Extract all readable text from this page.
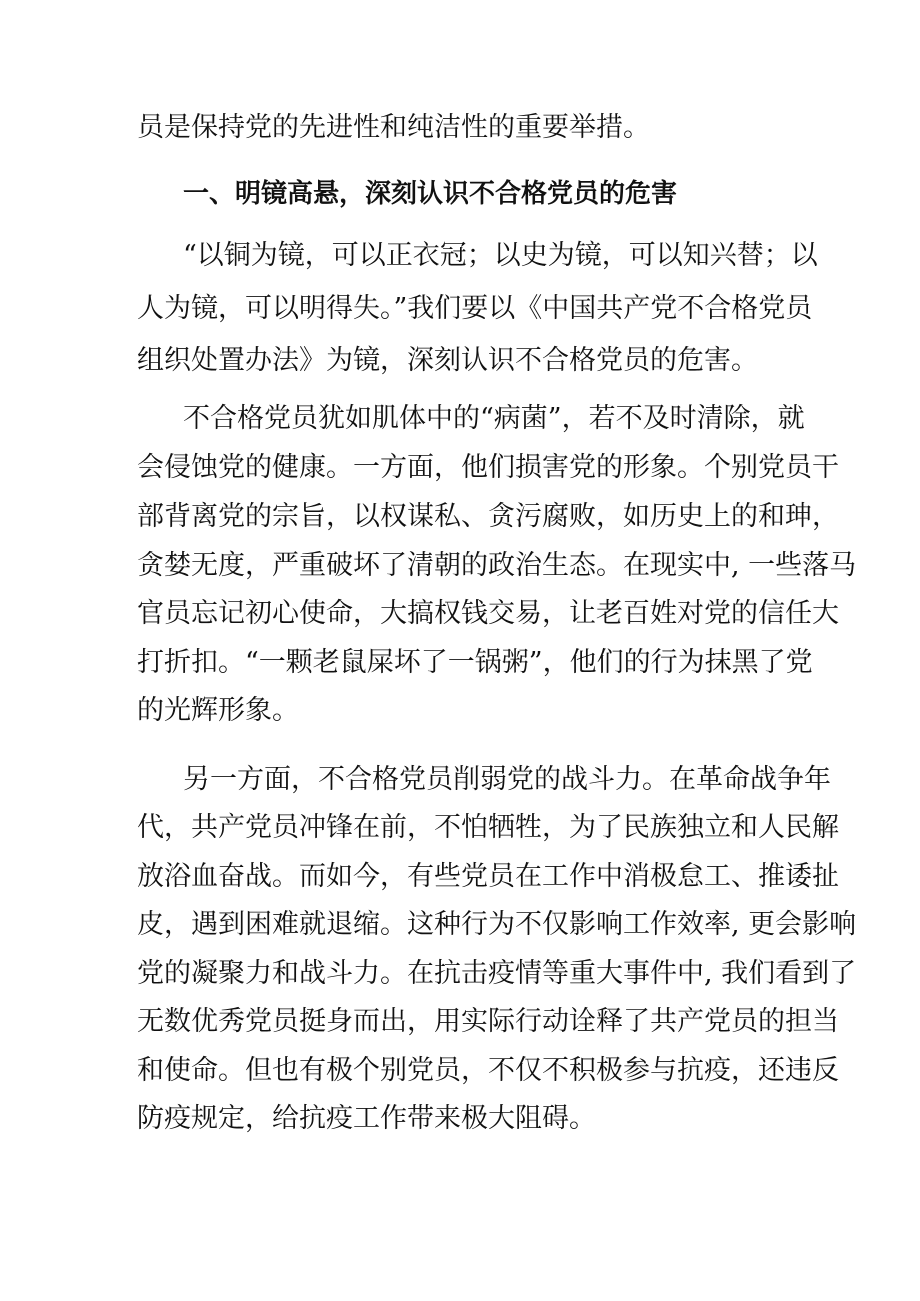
员是保持党的先进性和纯洁性的重要举措。
一、明镜高悬，深刻认识不合格党员的危害
“以铜为镜，可以正衣冠；以史为镜，可以知兴替；以
人为镜，可以明得失。”我们要以《中国共产党不合格党员
组织处置办法》为镜，深刻认识不合格党员的危害。
不合格党员犹如肌体中的“病菌”，若不及时清除，就
会侵蚀党的健康。一方面，他们损害党的形象。个别党员干
部背离党的宗旨，以权谋私、贪污腐败，如历史上的和珅，
贪婪无度，严重破坏了清朝的政治生态。在现实中, 一些落马
官员忘记初心使命，大搞权钱交易，让老百姓对党的信任大
打折扣。“一颗老鼠屎坏了一锅粥”，他们的行为抹黑了党
的光辉形象。
另一方面，不合格党员削弱党的战斗力。在革命战争年
代，共产党员冲锋在前，不怕牺牲，为了民族独立和人民解
放浴血奋战。而如今，有些党员在工作中消极怠工、推诿扯
皮，遇到困难就退缩。这种行为不仅影响工作效率, 更会影响
党的凝聚力和战斗力。在抗击疫情等重大事件中, 我们看到了
无数优秀党员挺身而出，用实际行动诠释了共产党员的担当
和使命。但也有极个别党员，不仅不积极参与抗疫，还违反
防疫规定，给抗疫工作带来极大阻碍。
